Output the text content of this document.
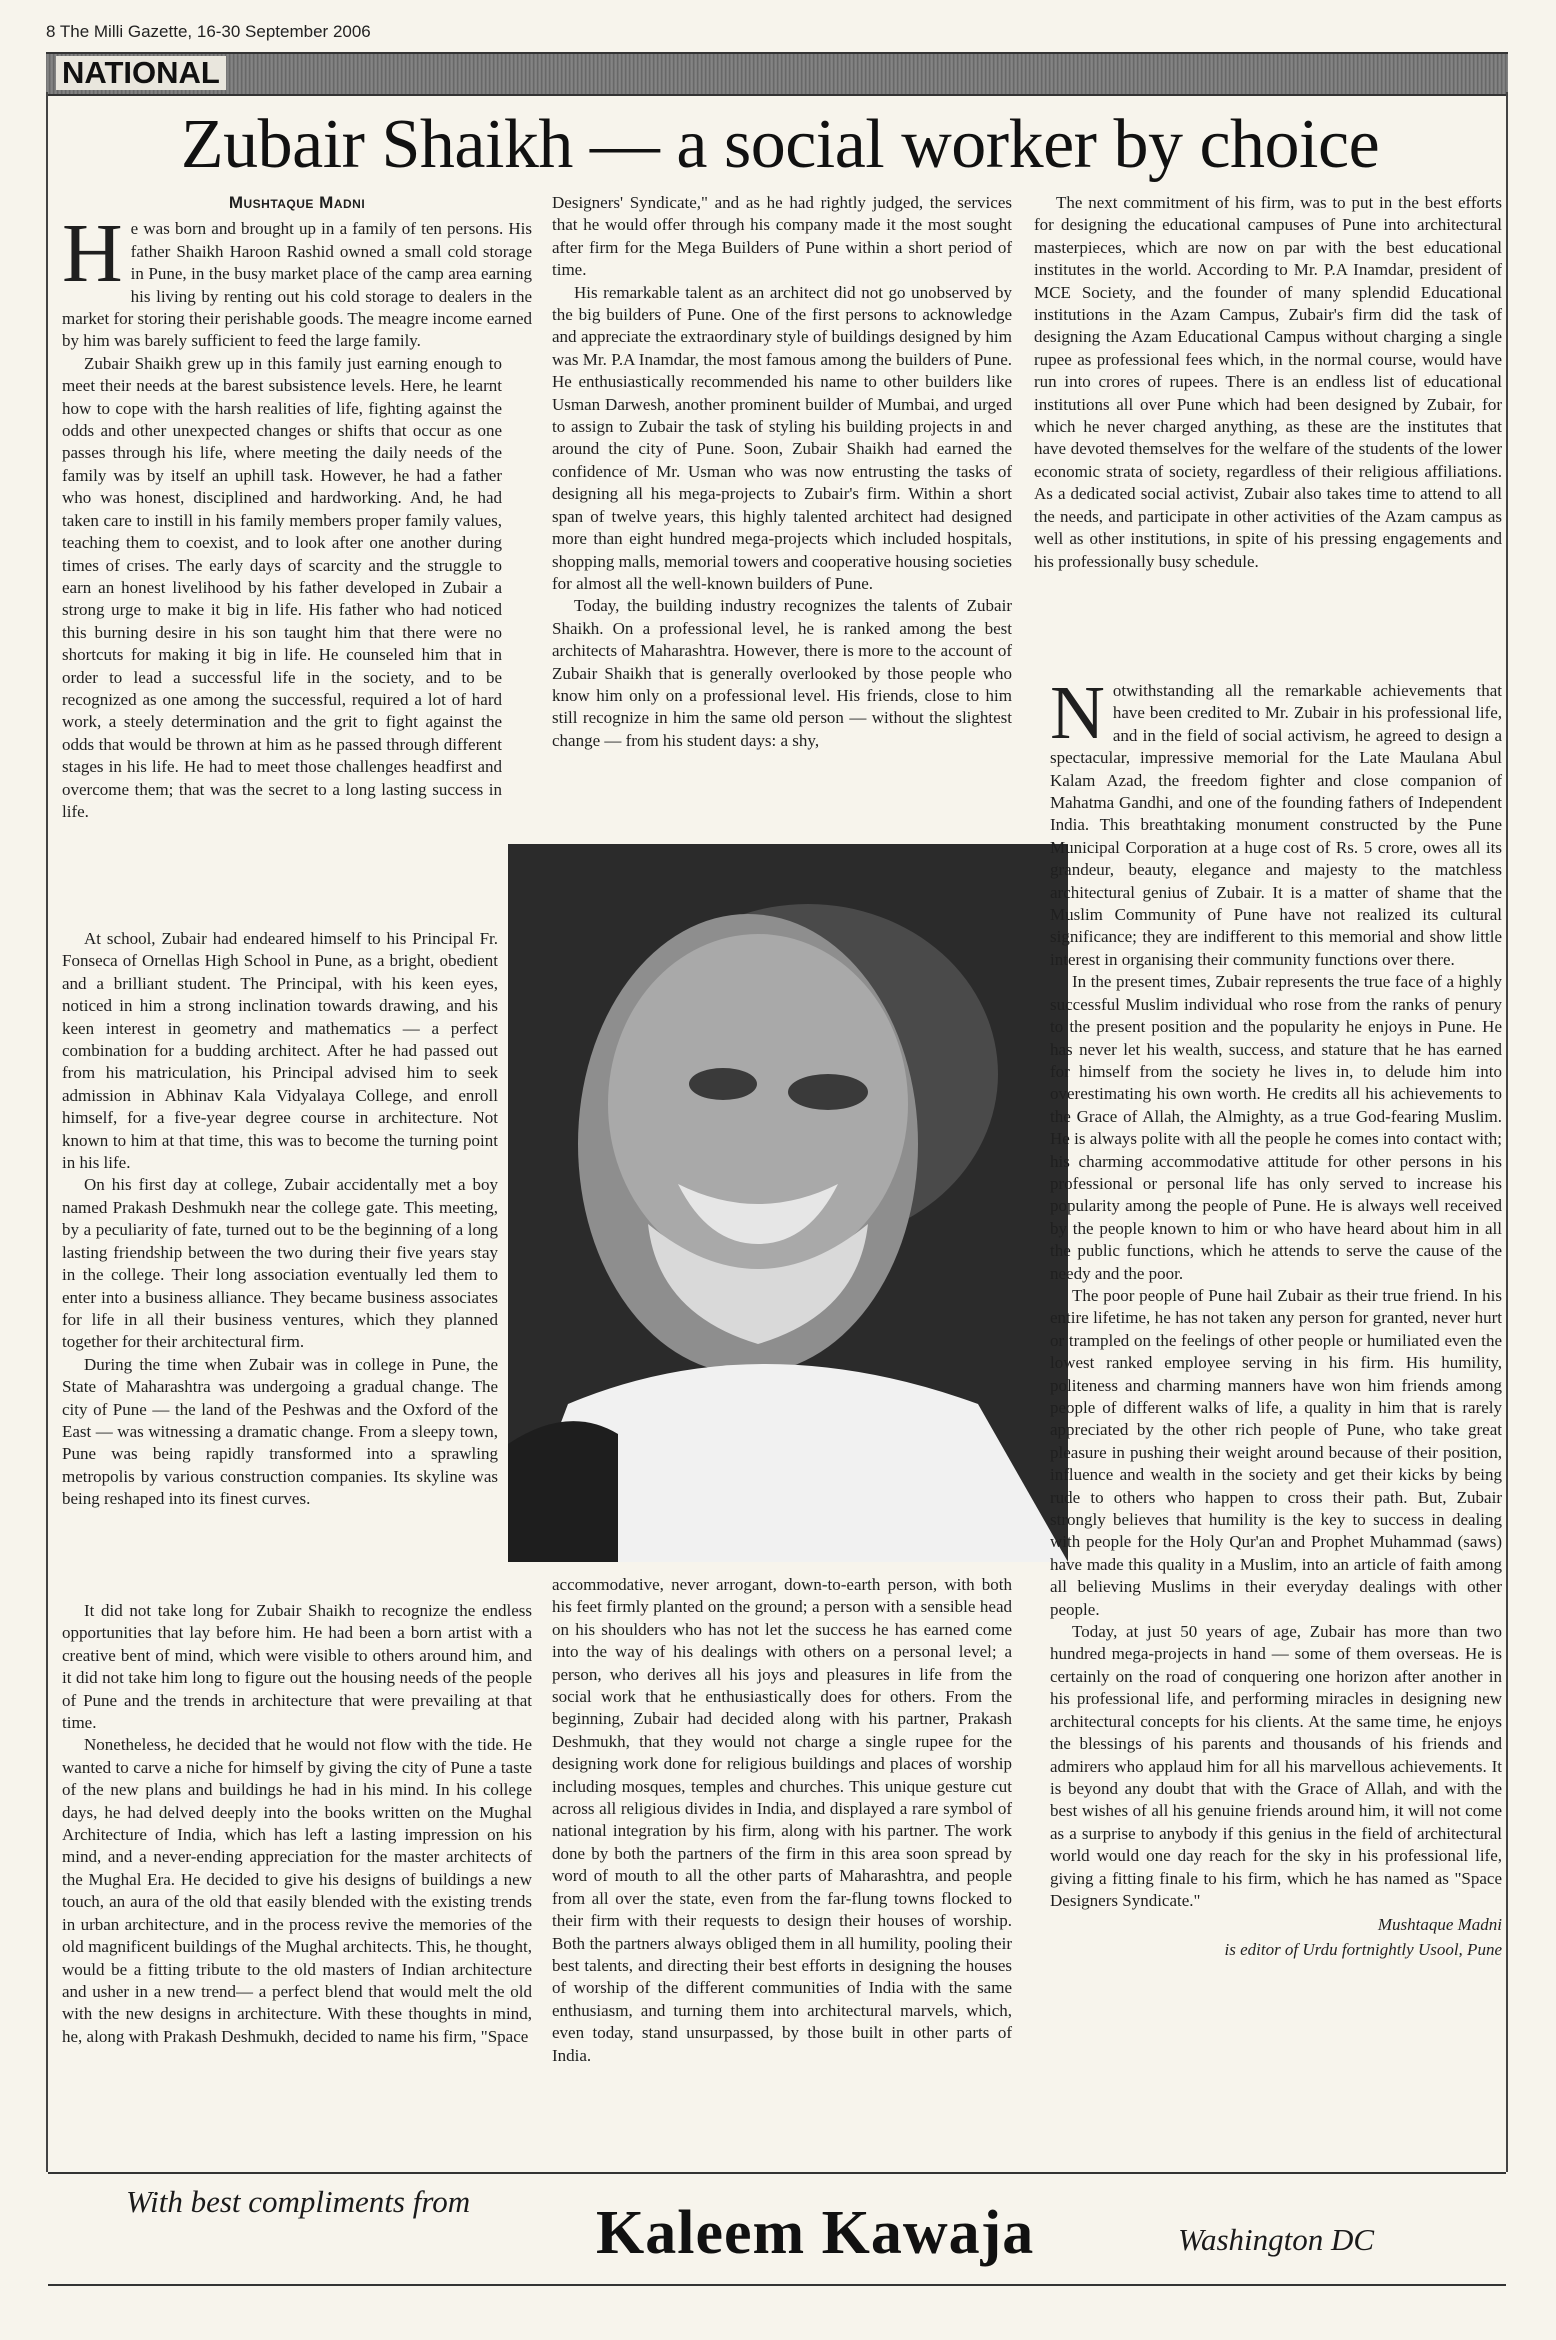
8 The Milli Gazette, 16-30 September 2006
NATIONAL
Zubair Shaikh — a social worker by choice
Mushtaque Madni

He was born and brought up in a family of ten persons. His father Shaikh Haroon Rashid owned a small cold storage in Pune, in the busy market place of the camp area earning his living by renting out his cold storage to dealers in the market for storing their perishable goods. The meagre income earned by him was barely sufficient to feed the large family.

Zubair Shaikh grew up in this family just earning enough to meet their needs at the barest subsistence levels. Here, he learnt how to cope with the harsh realities of life, fighting against the odds and other unexpected changes or shifts that occur as one passes through his life, where meeting the daily needs of the family was by itself an uphill task. However, he had a father who was honest, disciplined and hardworking. And, he had taken care to instill in his family members proper family values, teaching them to coexist, and to look after one another during times of crises. The early days of scarcity and the struggle to earn an honest livelihood by his father developed in Zubair a strong urge to make it big in life. His father who had noticed this burning desire in his son taught him that there were no shortcuts for making it big in life. He counseled him that in order to lead a successful life in the society, and to be recognized as one among the successful, required a lot of hard work, a steely determination and the grit to fight against the odds that would be thrown at him as he passed through different stages in his life. He had to meet those challenges headfirst and overcome them; that was the secret to a long lasting success in life.

At school, Zubair had endeared himself to his Principal Fr. Fonseca of Ornellas High School in Pune, as a bright, obedient and a brilliant student. The Principal, with his keen eyes, noticed in him a strong inclination towards drawing, and his keen interest in geometry and mathematics — a perfect combination for a budding architect. After he had passed out from his matriculation, his Principal advised him to seek admission in Abhinav Kala Vidyalaya College, and enroll himself, for a five-year degree course in architecture. Not known to him at that time, this was to become the turning point in his life.

On his first day at college, Zubair accidentally met a boy named Prakash Deshmukh near the college gate. This meeting, by a peculiarity of fate, turned out to be the beginning of a long lasting friendship between the two during their five years stay in the college. Their long association eventually led them to enter into a business alliance. They became business associates for life in all their business ventures, which they planned together for their architectural firm.

During the time when Zubair was in college in Pune, the State of Maharashtra was undergoing a gradual change. The city of Pune — the land of the Peshwas and the Oxford of the East — was witnessing a dramatic change. From a sleepy town, Pune was being rapidly transformed into a sprawling metropolis by various construction companies. Its skyline was being reshaped into its finest curves.

It did not take long for Zubair Shaikh to recognize the endless opportunities that lay before him. He had been a born artist with a creative bent of mind, which were visible to others around him, and it did not take him long to figure out the housing needs of the people of Pune and the trends in architecture that were prevailing at that time.

Nonetheless, he decided that he would not flow with the tide. He wanted to carve a niche for himself by giving the city of Pune a taste of the new plans and buildings he had in his mind. In his college days, he had delved deeply into the books written on the Mughal Architecture of India, which has left a lasting impression on his mind, and a never-ending appreciation for the master architects of the Mughal Era. He decided to give his designs of buildings a new touch, an aura of the old that easily blended with the existing trends in urban architecture, and in the process revive the memories of the old magnificent buildings of the Mughal architects. This, he thought, would be a fitting tribute to the old masters of Indian architecture and usher in a new trend— a perfect blend that would melt the old with the new designs in architecture. With these thoughts in mind, he, along with Prakash Deshmukh, decided to name his firm, "Space

Designers' Syndicate," and as he had rightly judged, the services that he would offer through his company made it the most sought after firm for the Mega Builders of Pune within a short period of time.

His remarkable talent as an architect did not go unobserved by the big builders of Pune. One of the first persons to acknowledge and appreciate the extraordinary style of buildings designed by him was Mr. P.A Inamdar, the most famous among the builders of Pune. He enthusiastically recommended his name to other builders like Usman Darwesh, another prominent builder of Mumbai, and urged to assign to Zubair the task of styling his building projects in and around the city of Pune. Soon, Zubair Shaikh had earned the confidence of Mr. Usman who was now entrusting the tasks of designing all his mega-projects to Zubair's firm. Within a short span of twelve years, this highly talented architect had designed more than eight hundred mega-projects which included hospitals, shopping malls, memorial towers and cooperative housing societies for almost all the well-known builders of Pune.

Today, the building industry recognizes the talents of Zubair Shaikh. On a professional level, he is ranked among the best architects of Maharashtra. However, there is more to the account of Zubair Shaikh that is generally overlooked by those people who know him only on a professional level. His friends, close to him still recognize in him the same old person — without the slightest change — from his student days: a shy,

accommodative, never arrogant, down-to-earth person, with both his feet firmly planted on the ground; a person with a sensible head on his shoulders who has not let the success he has earned come into the way of his dealings with others on a personal level; a person, who derives all his joys and pleasures in life from the social work that he enthusiastically does for others. From the beginning, Zubair had decided along with his partner, Prakash Deshmukh, that they would not charge a single rupee for the designing work done for religious buildings and places of worship including mosques, temples and churches. This unique gesture cut across all religious divides in India, and displayed a rare symbol of national integration by his firm, along with his partner. The work done by both the partners of the firm in this area soon spread by word of mouth to all the other parts of Maharashtra, and people from all over the state, even from the far-flung towns flocked to their firm with their requests to design their houses of worship. Both the partners always obliged them in all humility, pooling their best talents, and directing their best efforts in designing the houses of worship of the different communities of India with the same enthusiasm, and turning them into architectural marvels, which, even today, stand unsurpassed, by those built in other parts of India.

The next commitment of his firm, was to put in the best efforts for designing the educational campuses of Pune into architectural masterpieces, which are now on par with the best educational institutes in the world. According to Mr. P.A Inamdar, president of MCE Society, and the founder of many splendid Educational institutions in the Azam Campus, Zubair's firm did the task of designing the Azam Educational Campus without charging a single rupee as professional fees which, in the normal course, would have run into crores of rupees. There is an endless list of educational institutions all over Pune which had been designed by Zubair, for which he never charged anything, as these are the institutes that have devoted themselves for the welfare of the students of the lower economic strata of society, regardless of their religious affiliations. As a dedicated social activist, Zubair also takes time to attend to all the needs, and participate in other activities of the Azam campus as well as other institutions, in spite of his pressing engagements and his professionally busy schedule.

Notwithstanding all the remarkable achievements that have been credited to Mr. Zubair in his professional life, and in the field of social activism, he agreed to design a spectacular, impressive memorial for the Late Maulana Abul Kalam Azad, the freedom fighter and close companion of Mahatma Gandhi, and one of the founding fathers of Independent India. This breathtaking monument constructed by the Pune Municipal Corporation at a huge cost of Rs. 5 crore, owes all its grandeur, beauty, elegance and majesty to the matchless architectural genius of Zubair. It is a matter of shame that the Muslim Community of Pune have not realized its cultural significance; they are indifferent to this memorial and show little interest in organising their community functions over there.

In the present times, Zubair represents the true face of a highly successful Muslim individual who rose from the ranks of penury to the present position and the popularity he enjoys in Pune. He has never let his wealth, success, and stature that he has earned for himself from the society he lives in, to delude him into overestimating his own worth. He credits all his achievements to the Grace of Allah, the Almighty, as a true God-fearing Muslim. He is always polite with all the people he comes into contact with; his charming accommodative attitude for other persons in his professional or personal life has only served to increase his popularity among the people of Pune. He is always well received by the people known to him or who have heard about him in all the public functions, which he attends to serve the cause of the needy and the poor.

The poor people of Pune hail Zubair as their true friend. In his entire lifetime, he has not taken any person for granted, never hurt or trampled on the feelings of other people or humiliated even the lowest ranked employee serving in his firm. His humility, politeness and charming manners have won him friends among people of different walks of life, a quality in him that is rarely appreciated by the other rich people of Pune, who take great pleasure in pushing their weight around because of their position, influence and wealth in the society and get their kicks by being rude to others who happen to cross their path. But, Zubair strongly believes that humility is the key to success in dealing with people for the Holy Qur'an and Prophet Muhammad (saws) have made this quality in a Muslim, into an article of faith among all believing Muslims in their everyday dealings with other people.

Today, at just 50 years of age, Zubair has more than two hundred mega-projects in hand — some of them overseas. He is certainly on the road of conquering one horizon after another in his professional life, and performing miracles in designing new architectural concepts for his clients. At the same time, he enjoys the blessings of his parents and thousands of his friends and admirers who applaud him for all his marvellous achievements. It is beyond any doubt that with the Grace of Allah, and with the best wishes of all his genuine friends around him, it will not come as a surprise to anybody if this genius in the field of architectural world would one day reach for the sky in his professional life, giving a fitting finale to his firm, which he has named as "Space Designers Syndicate."

Mushtaque Madni
is editor of Urdu fortnightly Usool, Pune
With best compliments from Kaleem Kawaja	Washington DC
